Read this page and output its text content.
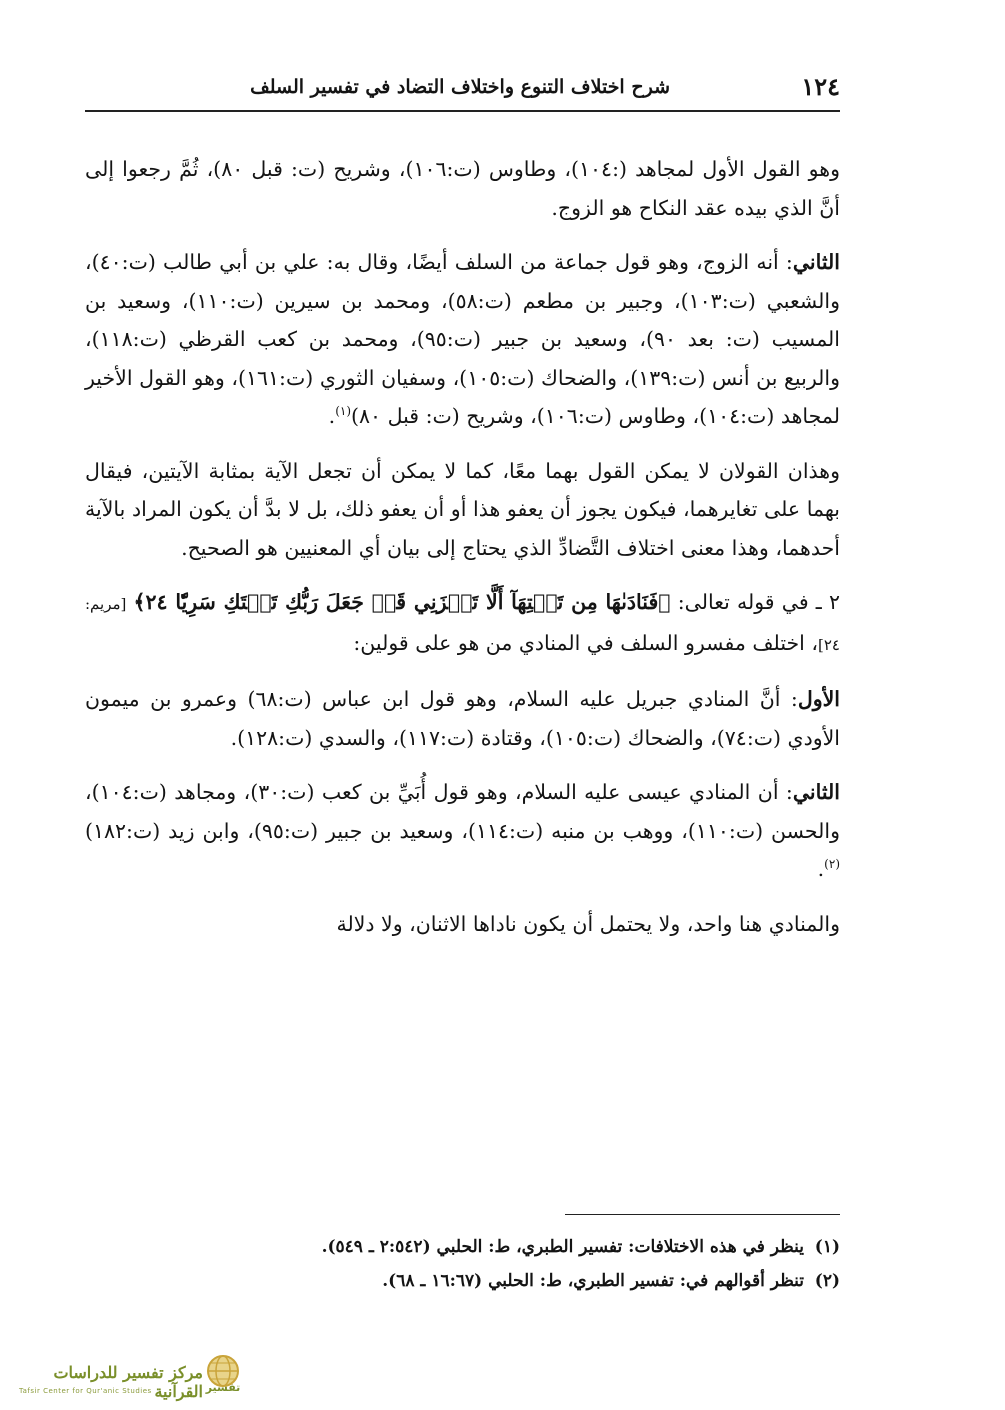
١٢٤
شرح اختلاف التنوع واختلاف التضاد في تفسير السلف

وهو القول الأول لمجاهد (:١٠٤)، وطاوس (ت:١٠٦)، وشريح (ت: قبل ٨٠)، ثُمَّ رجعوا إلى أنَّ الذي بيده عقد النكاح هو الزوج.

الثاني: أنه الزوج، وهو قول جماعة من السلف أيضًا، وقال به: علي بن أبي طالب (ت:٤٠)، والشعبي (ت:١٠٣)، وجبير بن مطعم (ت:٥٨)، ومحمد بن سيرين (ت:١١٠)، وسعيد بن المسيب (ت: بعد ٩٠)، وسعيد بن جبير (ت:٩٥)، ومحمد بن كعب القرظي (ت:١١٨)، والربيع بن أنس (ت:١٣٩)، والضحاك (ت:١٠٥)، وسفيان الثوري (ت:١٦١)، وهو القول الأخير لمجاهد (ت:١٠٤)، وطاوس (ت:١٠٦)، وشريح (ت: قبل ٨٠)$^{(١)}$.

وهذان القولان لا يمكن القول بهما معًا، كما لا يمكن أن تجعل الآية بمثابة الآيتين، فيقال بهما على تغايرهما، فيكون يجوز أن يعفو هذا أو أن يعفو ذلك، بل لا بدَّ أن يكون المراد بالآية أحدهما، وهذا معنى اختلاف التَّضادِّ الذي يحتاج إلى بيان أي المعنيين هو الصحيح.

٢ ـ في قوله تعالى: ﴿فَنَادَىٰهَا مِن تَحۡتِهَآ أَلَّا تَحۡزَنِي قَدۡ جَعَلَ رَبُّكِ تَحۡتَكِ سَرِيّٗا ٢٤﴾ [مريم: ٢٤]، اختلف مفسرو السلف في المنادي من هو على قولين:

الأول: أنَّ المنادي جبريل عليه السلام، وهو قول ابن عباس (ت:٦٨) وعمرو بن ميمون الأودي (ت:٧٤)، والضحاك (ت:١٠٥)، وقتادة (ت:١١٧)، والسدي (ت:١٢٨).

الثاني: أن المنادي عيسى عليه السلام، وهو قول أُبَيِّ بن كعب (ت:٣٠)، ومجاهد (ت:١٠٤)، والحسن (ت:١١٠)، ووهب بن منبه (ت:١١٤)، وسعيد بن جبير (ت:٩٥)، وابن زيد (ت:١٨٢)$^{(٢)}$.

والمنادي هنا واحد، ولا يحتمل أن يكون ناداها الاثنان، ولا دلالة

(١)ينظر في هذه الاختلافات: تفسير الطبري، ط: الحلبي (٢:٥٤٢ ـ ٥٤٩).
(٢)تنظر أقوالهم في: تفسير الطبري، ط: الحلبي (١٦:٦٧ ـ ٦٨).
مركز تفسير للدراسات القرآنية
Tafsir Center for Qur'anic Studies	تفسير
